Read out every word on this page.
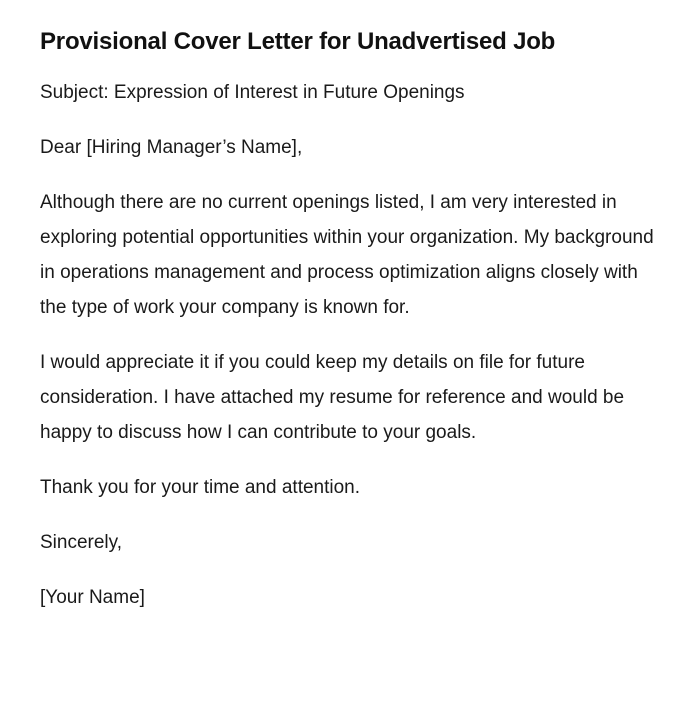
Provisional Cover Letter for Unadvertised Job

Subject: Expression of Interest in Future Openings

Dear [Hiring Manager’s Name],

Although there are no current openings listed, I am very interested in exploring potential opportunities within your organization. My background in operations management and process optimization aligns closely with the type of work your company is known for.

I would appreciate it if you could keep my details on file for future consideration. I have attached my resume for reference and would be happy to discuss how I can contribute to your goals.

Thank you for your time and attention.

Sincerely,

[Your Name]
